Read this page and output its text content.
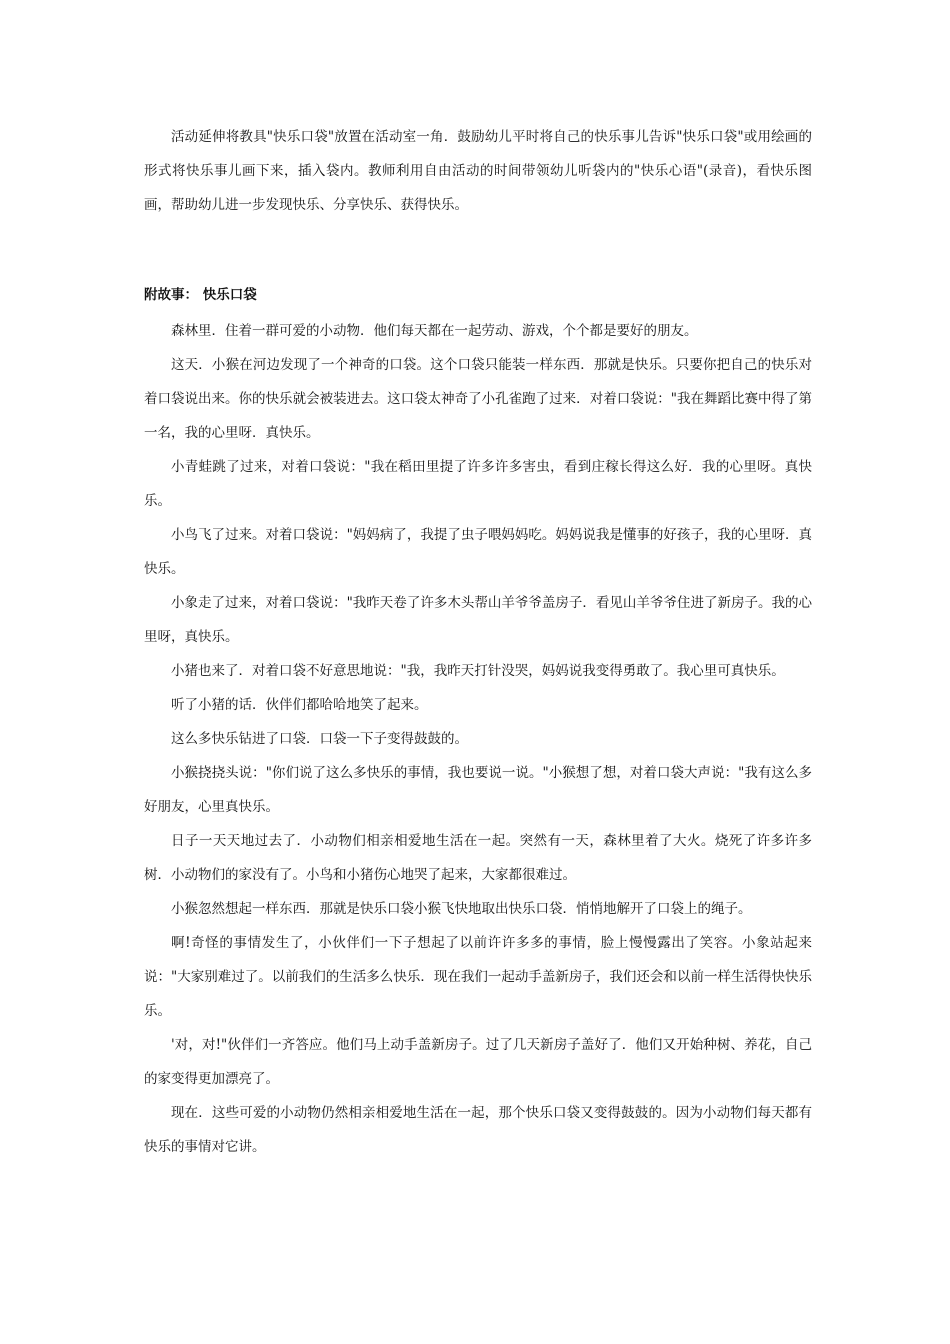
活动延伸将教具"快乐口袋"放置在活动室一角．鼓励幼儿平时将自己的快乐事儿告诉"快乐口袋"或用绘画的形式将快乐事儿画下来，插入袋内。教师利用自由活动的时间带领幼儿听袋内的"快乐心语"(录音)，看快乐图画，帮助幼儿进一步发现快乐、分享快乐、获得快乐。

附故事： 快乐口袋

森林里．住着一群可爱的小动物．他们每天都在一起劳动、游戏，个个都是要好的朋友。

这天．小猴在河边发现了一个神奇的口袋。这个口袋只能装一样东西．那就是快乐。只要你把自己的快乐对着口袋说出来。你的快乐就会被装进去。这口袋太神奇了小孔雀跑了过来．对着口袋说："我在舞蹈比赛中得了第一名，我的心里呀．真快乐。

小青蛙跳了过来，对着口袋说："我在稻田里提了许多许多害虫，看到庄稼长得这么好．我的心里呀。真快乐。

小鸟飞了过来。对着口袋说："妈妈病了，我提了虫子喂妈妈吃。妈妈说我是懂事的好孩子，我的心里呀．真快乐。

小象走了过来，对着口袋说："我昨天卷了许多木头帮山羊爷爷盖房子．看见山羊爷爷住进了新房子。我的心里呀，真快乐。

小猪也来了．对着口袋不好意思地说："我，我昨天打针没哭，妈妈说我变得勇敢了。我心里可真快乐。

听了小猪的话．伙伴们都哈哈地笑了起来。

这么多快乐钻进了口袋．口袋一下子变得鼓鼓的。

小猴挠挠头说："你们说了这么多快乐的事情，我也要说一说。"小猴想了想，对着口袋大声说："我有这么多好朋友，心里真快乐。

日子一天天地过去了．小动物们相亲相爱地生活在一起。突然有一天，森林里着了大火。烧死了许多许多树．小动物们的家没有了。小鸟和小猪伤心地哭了起来，大家都很难过。

小猴忽然想起一样东西．那就是快乐口袋小猴飞快地取出快乐口袋．悄悄地解开了口袋上的绳子。

啊!奇怪的事情发生了，小伙伴们一下子想起了以前许许多多的事情，脸上慢慢露出了笑容。小象站起来说："大家别难过了。以前我们的生活多么快乐．现在我们一起动手盖新房子，我们还会和以前一样生活得快快乐乐。

'对，对!"伙伴们一齐答应。他们马上动手盖新房子。过了几天新房子盖好了．他们又开始种树、养花，自己的家变得更加漂亮了。

现在．这些可爱的小动物仍然相亲相爱地生活在一起，那个快乐口袋又变得鼓鼓的。因为小动物们每天都有快乐的事情对它讲。
